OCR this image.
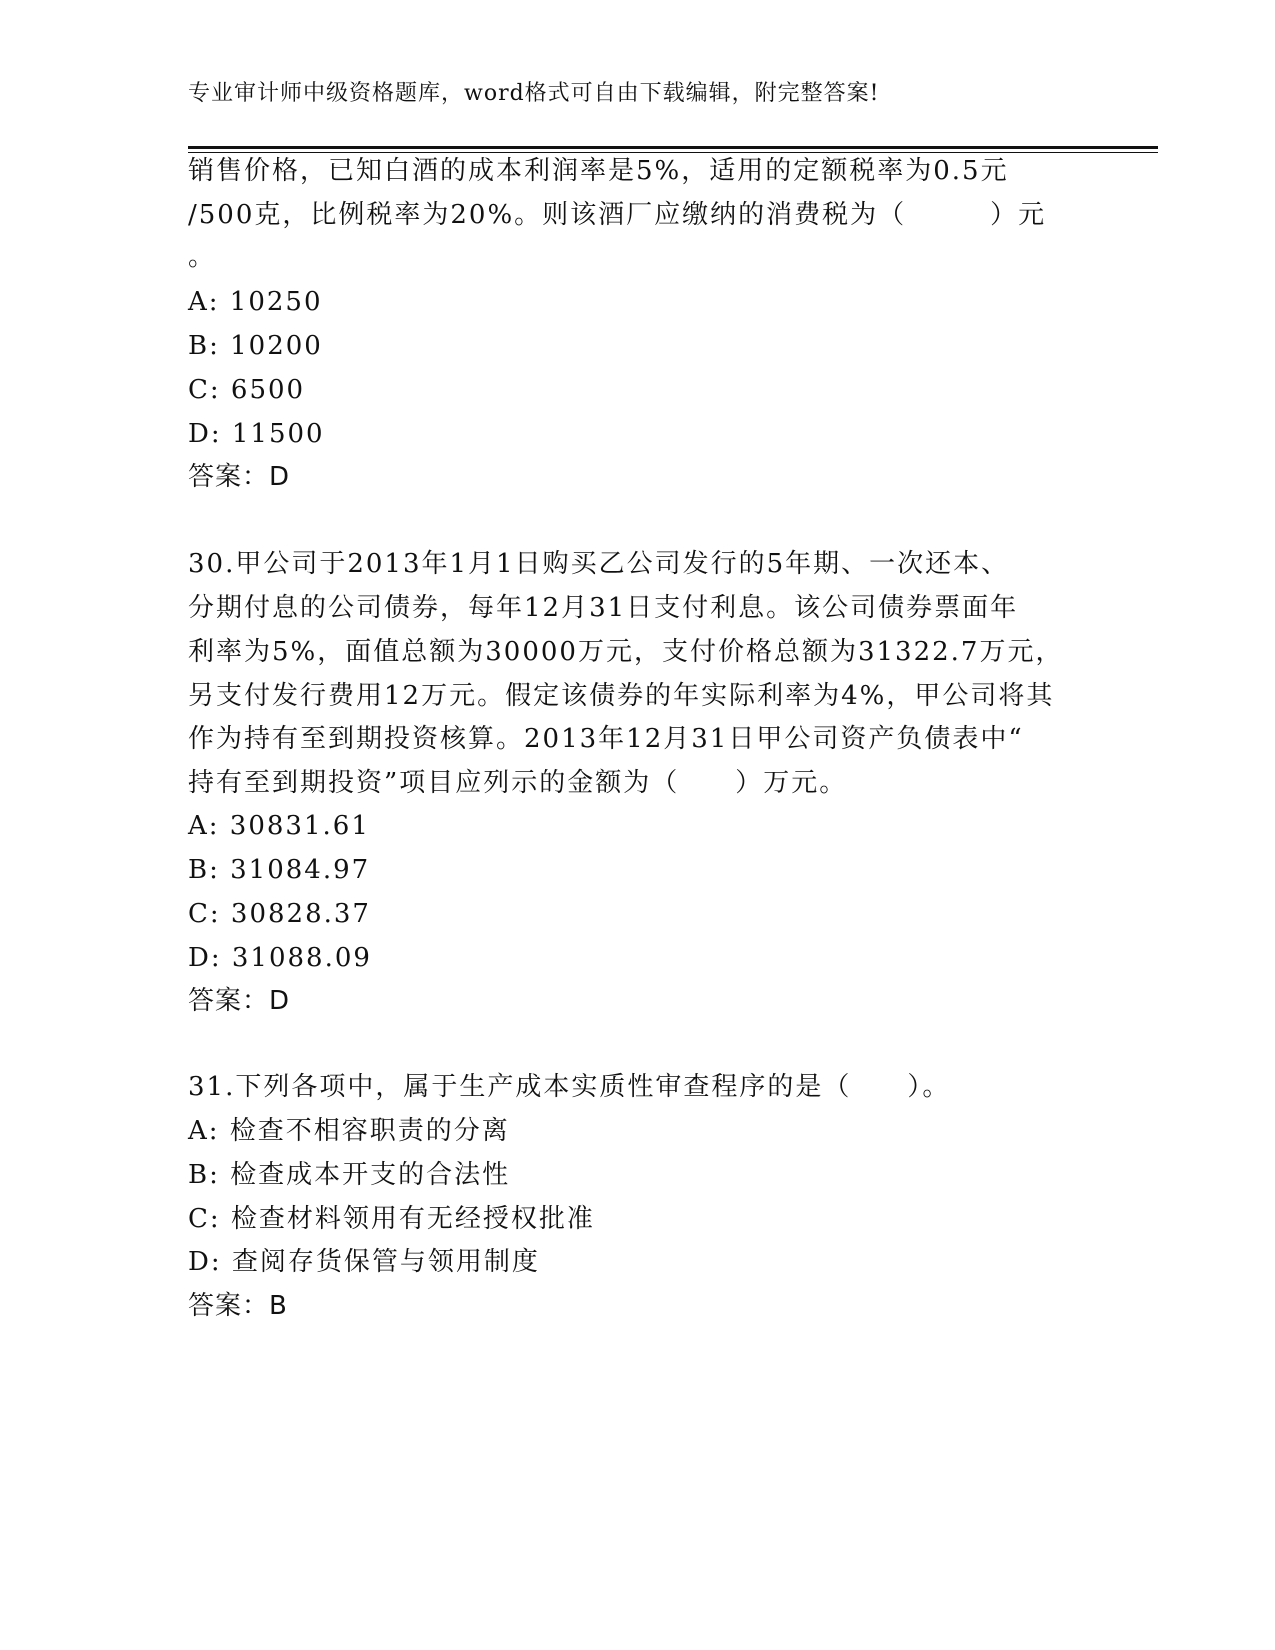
专业审计师中级资格题库，word格式可自由下载编辑，附完整答案!
销售价格，已知白酒的成本利润率是5%，适用的定额税率为0.5元
/500克，比例税率为20%。则该酒厂应缴纳的消费税为（　　　）元
。
A: 10250
B: 10200
C: 6500
D: 11500
答案：D
30.甲公司于2013年1月1日购买乙公司发行的5年期、一次还本、
分期付息的公司债券，每年12月31日支付利息。该公司债券票面年
利率为5%，面值总额为30000万元，支付价格总额为31322.7万元，
另支付发行费用12万元。假定该债券的年实际利率为4%，甲公司将其
作为持有至到期投资核算。2013年12月31日甲公司资产负债表中“
持有至到期投资”项目应列示的金额为（　　）万元。
A: 30831.61
B: 31084.97
C: 30828.37
D: 31088.09
答案：D
31.下列各项中，属于生产成本实质性审查程序的是（　　）。
A: 检查不相容职责的分离
B: 检查成本开支的合法性
C: 检查材料领用有无经授权批准
D: 查阅存货保管与领用制度
答案：B
